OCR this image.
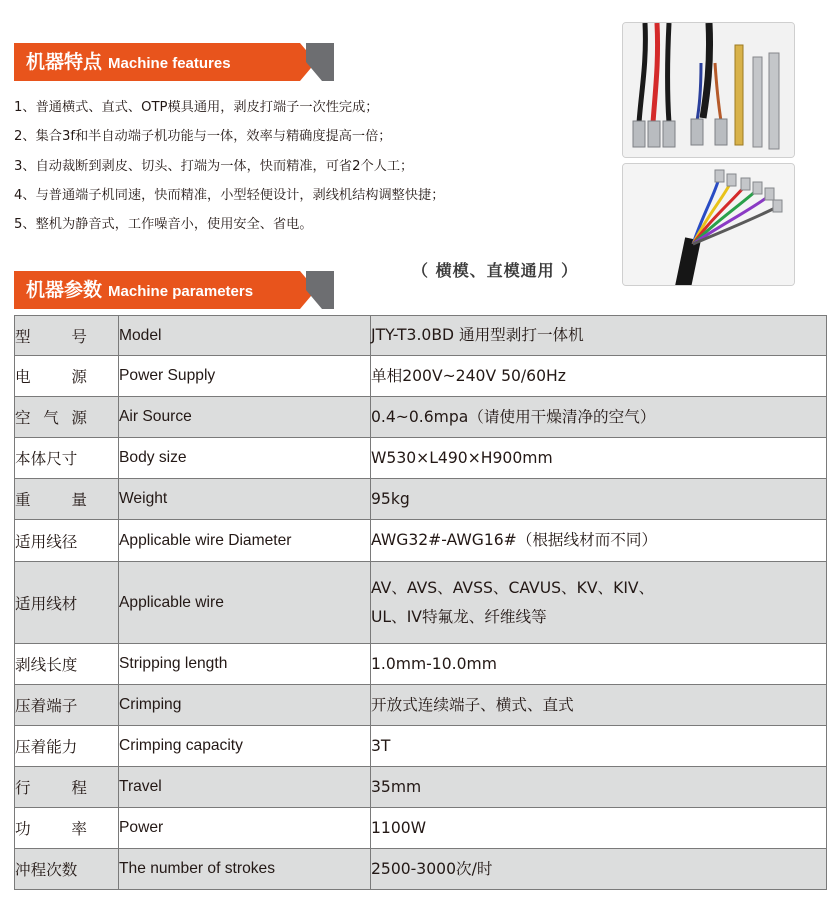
机器特点 Machine features
1、普通横式、直式、OTP模具通用，剥皮打端子一次性完成；
2、集合3f和半自动端子机功能与一体，效率与精确度提高一倍；
3、自动裁断到剥皮、切头、打端为一体，快而精准，可省2个人工；
4、与普通端子机同速，快而精准，小型轻便设计，剥线机结构调整快捷；
5、整机为静音式，工作噪音小，使用安全、省电。
（ 横模、直模通用 ）
机器参数 Machine parameters
型 号	Model	JTY-T3.0BD 通用型剥打一体机

电 源	Power Supply	单相200V~240V 50/60Hz

空气源	Air Source	0.4~0.6mpa（请使用干燥清净的空气）

本体尺寸	Body size	W530×L490×H900mm

重 量	Weight	95kg

适用线径	Applicable wire Diameter	AWG32#-AWG16#（根据线材而不同）

适用线材	Applicable wire	AV、AVS、AVSS、CAVUS、KV、KIV、
UL、IV特氟龙、纤维线等

剥线长度	Stripping length	1.0mm-10.0mm

压着端子	Crimping	开放式连续端子、横式、直式

压着能力	Crimping capacity	3T

行 程	Travel	35mm

功 率	Power	1100W

冲程次数	The number of strokes	2500-3000次/时
